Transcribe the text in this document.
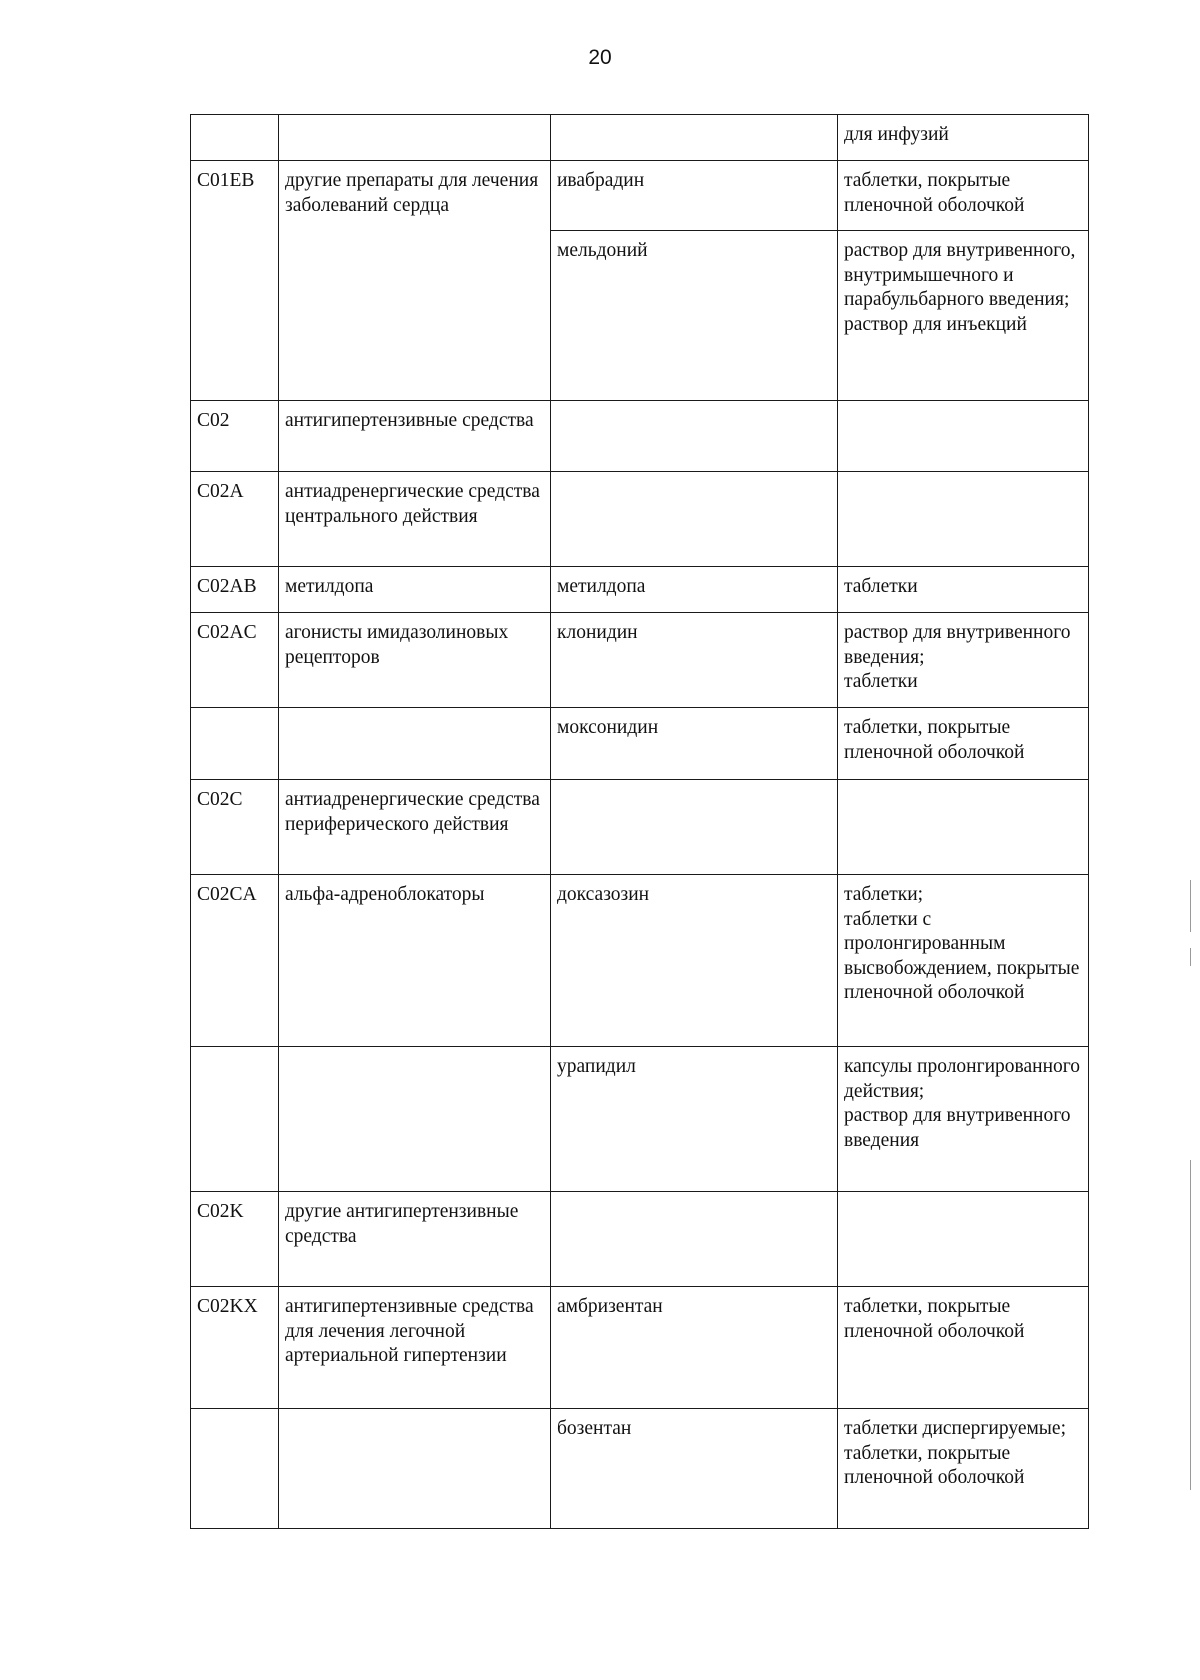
20

			для инфузий

C01EB	другие препараты для лечения заболеваний сердца	ивабрадин	таблетки, покрытые пленочной оболочкой

		мельдоний	раствор для внутривенного, внутримышечного и парабульбарного введения;
раствор для инъекций

C02	антигипертензивные средства		
C02A	антиадренергические средства центрального действия		
C02AB	метилдопа	метилдопа	таблетки

C02AC	агонисты имидазолиновых рецепторов	клонидин	раствор для внутривенного введения;
таблетки

		моксонидин	таблетки, покрытые пленочной оболочкой

C02C	антиадренергические средства периферического действия		
C02CA	альфа-адреноблокаторы	доксазозин	таблетки;
таблетки с пролонгированным высвобождением, покрытые пленочной оболочкой

		урапидил	капсулы пролонгированного действия;
раствор для внутривенного введения

C02K	другие антигипертензивные средства		
C02KX	антигипертензивные средства для лечения легочной артериальной гипертензии	амбризентан	таблетки, покрытые пленочной оболочкой

		бозентан	таблетки диспергируемые;
таблетки, покрытые пленочной оболочкой
